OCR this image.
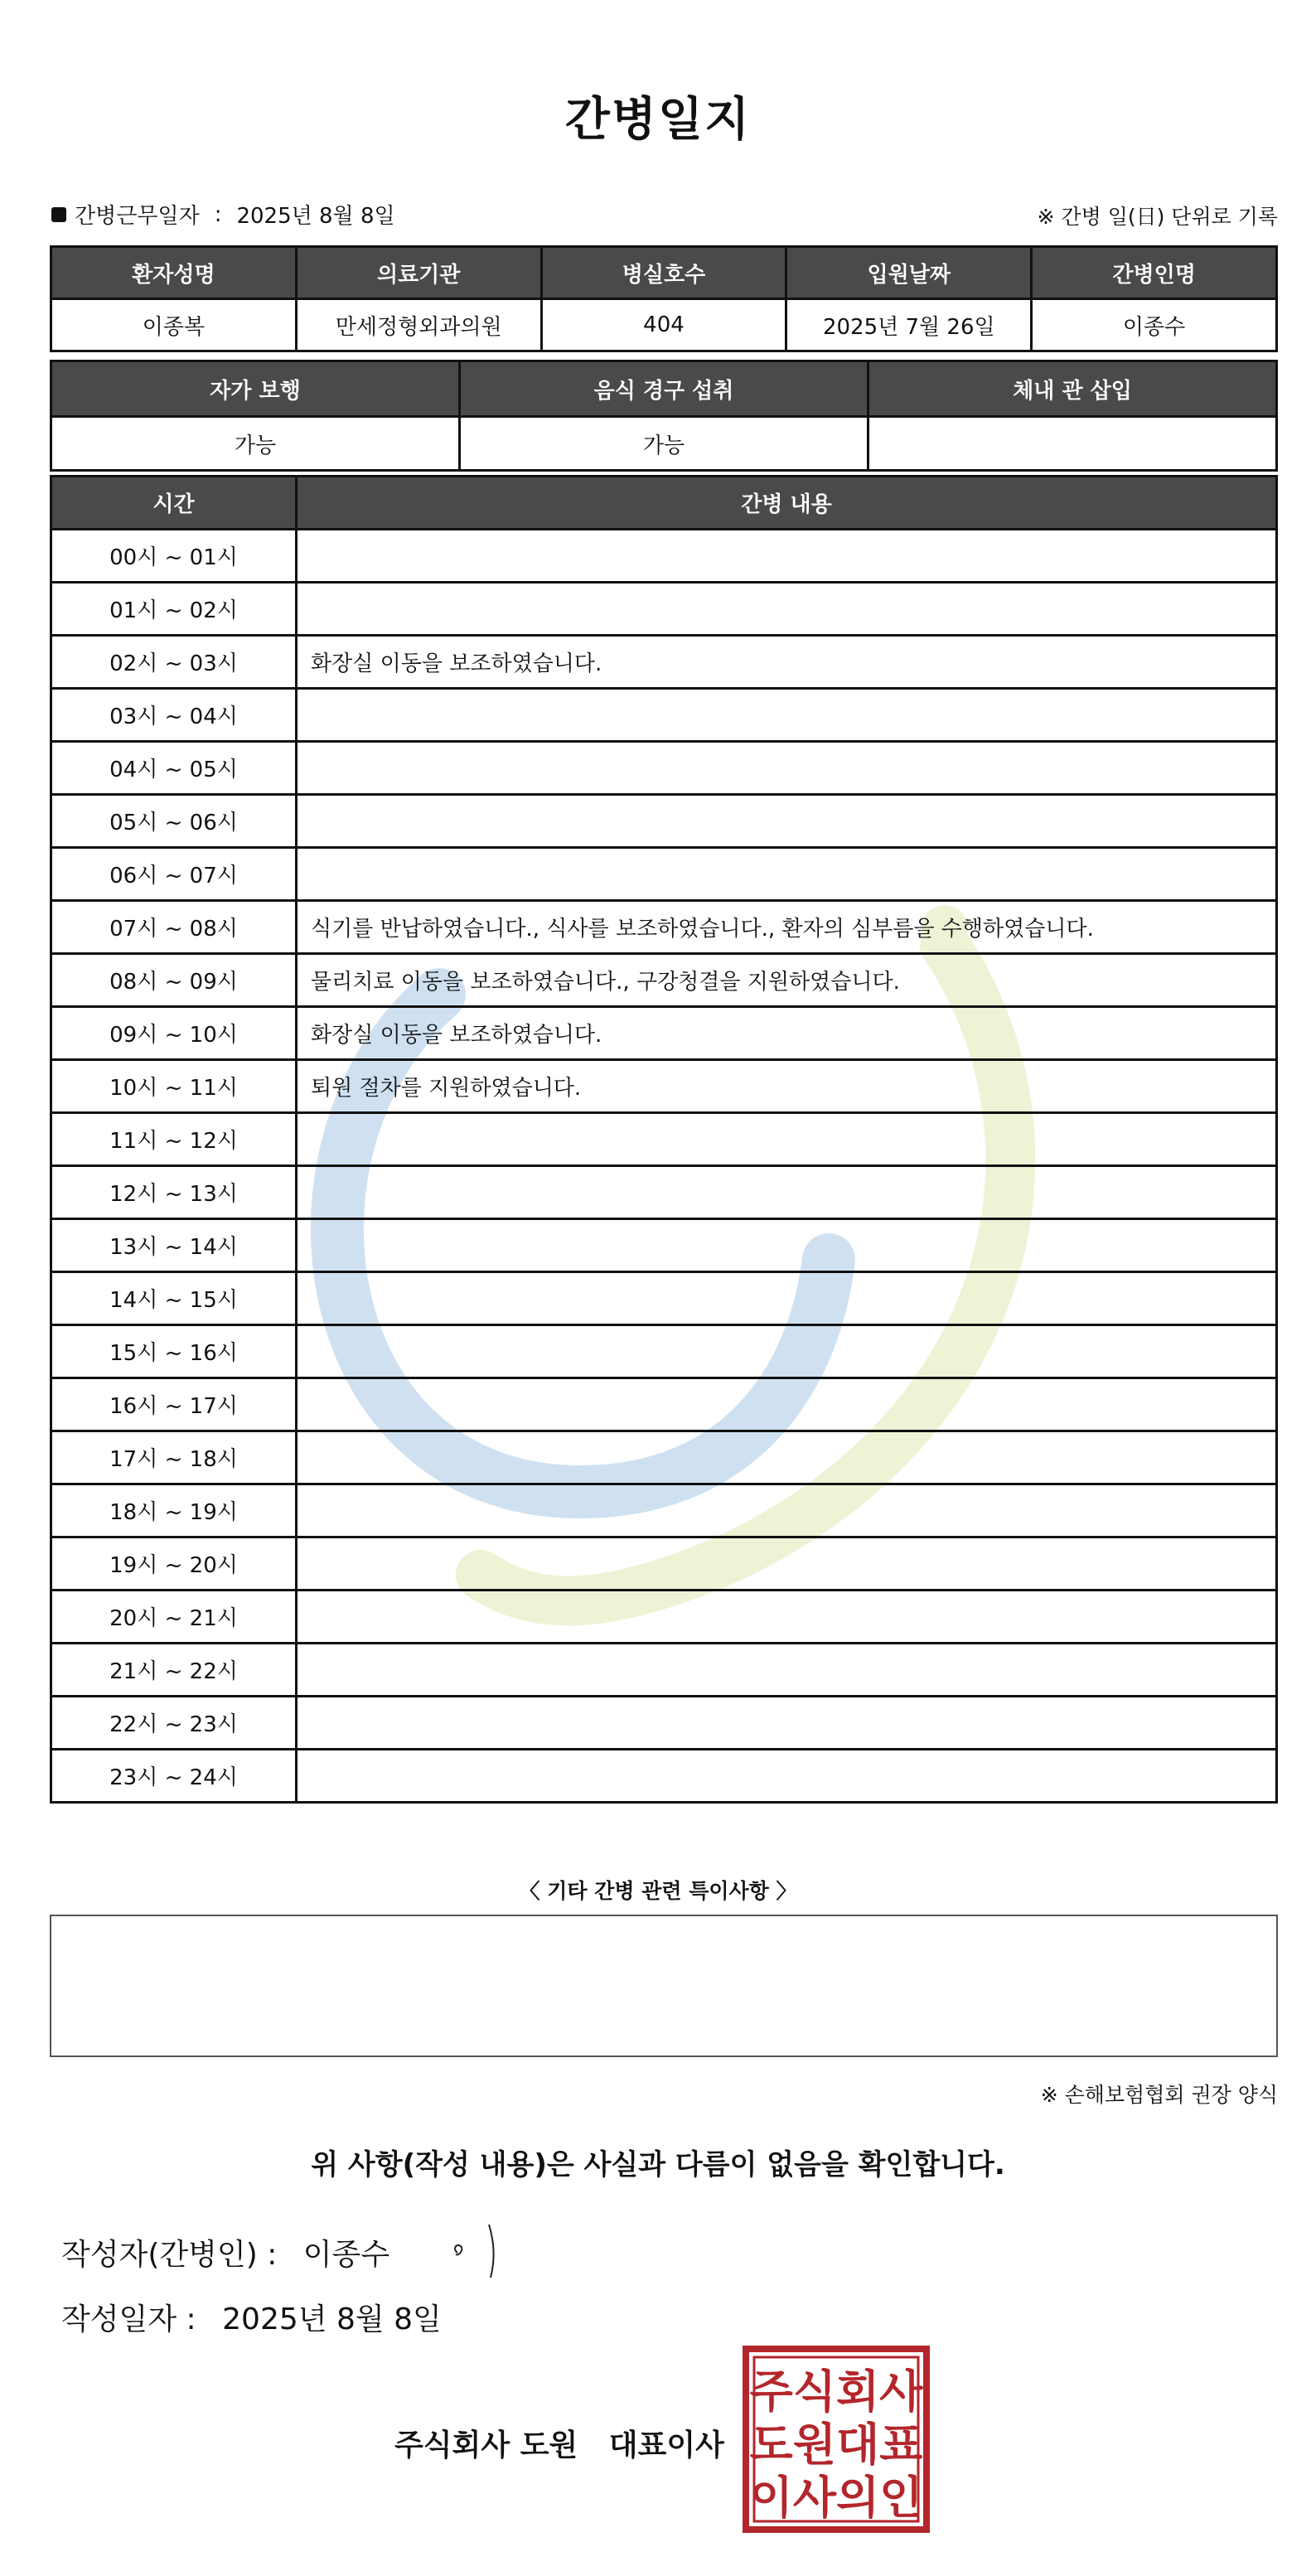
간병일지
간병근무일자 : 2025년 8월 8일	※ 간병 일(日) 단위로 기록
환자성명	의료기관	병실호수	입원날짜	간병인명
이종복	만세정형외과의원	404	2025년 7월 26일	이종수
자가 보행	음식 경구 섭취	체내 관 삽입
가능	가능	
시간	간병 내용
00시 ~ 01시	
01시 ~ 02시	
02시 ~ 03시	화장실 이동을 보조하였습니다.
03시 ~ 04시	
04시 ~ 05시	
05시 ~ 06시	
06시 ~ 07시	
07시 ~ 08시	식기를 반납하였습니다., 식사를 보조하였습니다., 환자의 심부름을 수행하였습니다.
08시 ~ 09시	물리치료 이동을 보조하였습니다., 구강청결을 지원하였습니다.
09시 ~ 10시	화장실 이동을 보조하였습니다.
10시 ~ 11시	퇴원 절차를 지원하였습니다.
11시 ~ 12시	
12시 ~ 13시	
13시 ~ 14시	
14시 ~ 15시	
15시 ~ 16시	
16시 ~ 17시	
17시 ~ 18시	
18시 ~ 19시	
19시 ~ 20시	
20시 ~ 21시	
21시 ~ 22시	
22시 ~ 23시	
23시 ~ 24시	
〈 기타 간병 관련 특이사항 〉
※ 손해보험협회 권장 양식
위 사항(작성 내용)은 사실과 다름이 없음을 확인합니다.
작성자(간병인) : 이종수
작성일자 : 2025년 8월 8일
주식회사 도원   대표이사
주식회사
도원대표
이사의인
